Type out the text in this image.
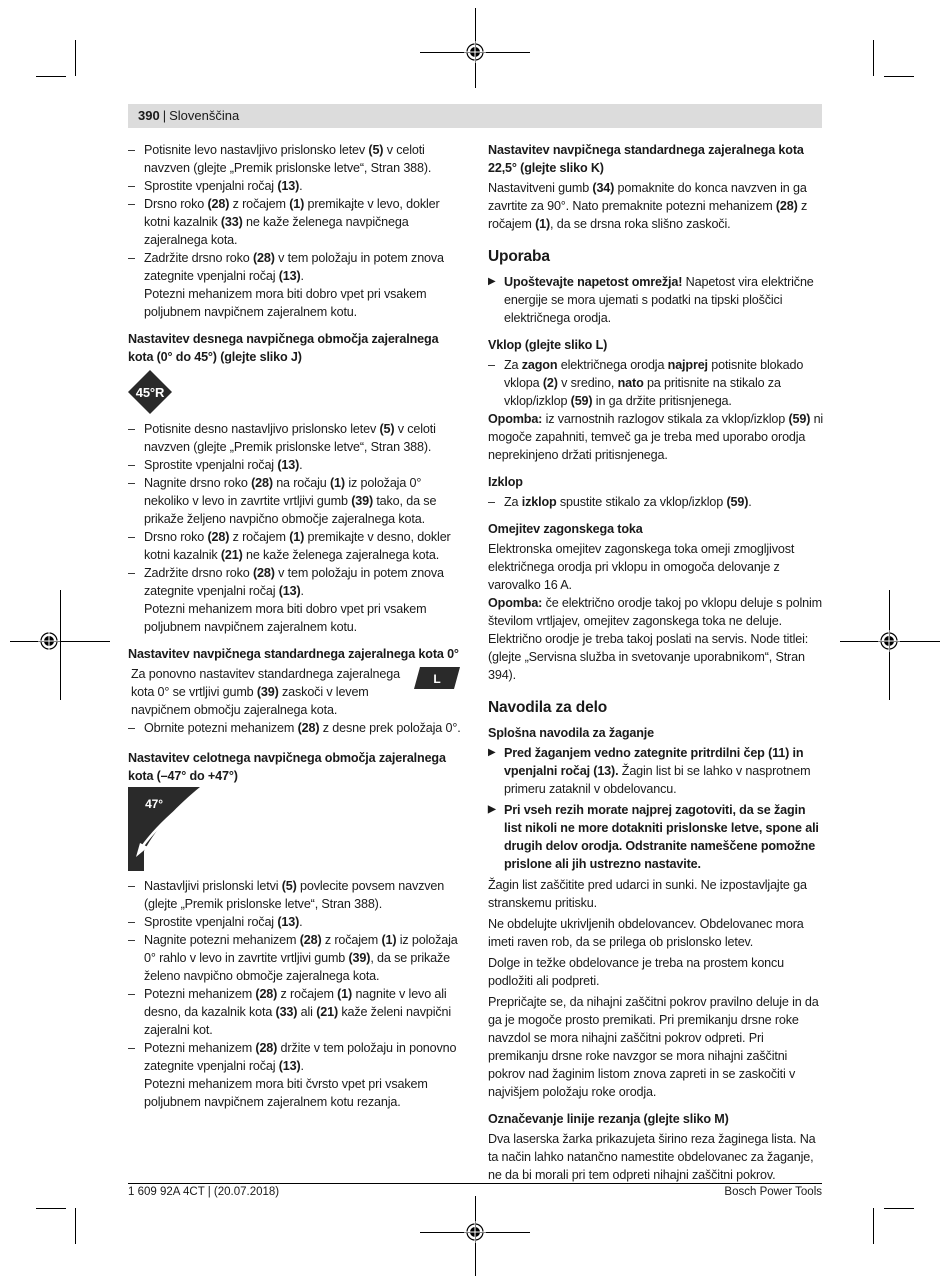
390 | Slovenščina
– Potisnite levo nastavljivo prislonsko letev (5) v celoti navzven (glejte „Premik prislonske letve“, Stran 388).
– Sprostite vpenjalni ročaj (13).
– Drsno roko (28) z ročajem (1) premikajte v levo, dokler kotni kazalnik (33) ne kaže želenega navpičnega zajeralnega kota.
– Zadržite drsno roko (28) v tem položaju in potem znova zategnite vpenjalni ročaj (13).
Potezni mehanizem mora biti dobro vpet pri vsakem poljubnem navpičnem zajeralnem kotu.

Nastavitev desnega navpičnega območja zajeralnega kota (0° do 45°) (glejte sliko J)

45°R
– Potisnite desno nastavljivo prislonsko letev (5) v celoti navzven (glejte „Premik prislonske letve“, Stran 388).
– Sprostite vpenjalni ročaj (13).
– Nagnite drsno roko (28) na ročaju (1) iz položaja 0° nekoliko v levo in zavrtite vrtljivi gumb (39) tako, da se prikaže željeno navpično območje zajeralnega kota.
– Drsno roko (28) z ročajem (1) premikajte v desno, dokler kotni kazalnik (21) ne kaže želenega zajeralnega kota.
– Zadržite drsno roko (28) v tem položaju in potem znova zategnite vpenjalni ročaj (13).
Potezni mehanizem mora biti dobro vpet pri vsakem poljubnem navpičnem zajeralnem kotu.

Nastavitev navpičnega standardnega zajeralnega kota 0°

L

Za ponovno nastavitev standardnega zajeralnega kota 0° se vrtljivi gumb (39) zaskoči v levem navpičnem območju zajeralnega kota.

– Obrnite potezni mehanizem (28) z desne prek položaja 0°.

Nastavitev celotnega navpičnega območja zajeralnega kota (–47° do +47°)

47°
– Nastavljivi prislonski letvi (5) povlecite povsem navzven (glejte „Premik prislonske letve“, Stran 388).
– Sprostite vpenjalni ročaj (13).
– Nagnite potezni mehanizem (28) z ročajem (1) iz položaja 0° rahlo v levo in zavrtite vrtljivi gumb (39), da se prikaže želeno navpično območje zajeralnega kota.
– Potezni mehanizem (28) z ročajem (1) nagnite v levo ali desno, da kazalnik kota (33) ali (21) kaže želeni navpični zajeralni kot.
– Potezni mehanizem (28) držite v tem položaju in ponovno zategnite vpenjalni ročaj (13).
Potezni mehanizem mora biti čvrsto vpet pri vsakem poljubnem navpičnem zajeralnem kotu rezanja.

Nastavitev navpičnega standardnega zajeralnega kota 22,5° (glejte sliko K)

Nastavitveni gumb (34) pomaknite do konca navzven in ga zavrtite za 90°. Nato premaknite potezni mehanizem (28) z ročajem (1), da se drsna roka slišno zaskoči.

Uporaba

▶ Upoštevajte napetost omrežja! Napetost vira električne energije se mora ujemati s podatki na tipski ploščici električnega orodja.

Vklop (glejte sliko L)

– Za zagon električnega orodja najprej potisnite blokado vklopa (2) v sredino, nato pa pritisnite na stikalo za vklop/izklop (59) in ga držite pritisnjenega.

Opomba: iz varnostnih razlogov stikala za vklop/izklop (59) ni mogoče zapahniti, temveč ga je treba med uporabo orodja neprekinjeno držati pritisnjenega.

Izklop

– Za izklop spustite stikalo za vklop/izklop (59).

Omejitev zagonskega toka

Elektronska omejitev zagonskega toka omeji zmogljivost električnega orodja pri vklopu in omogoča delovanje z varovalko 16 A.

Opomba: če električno orodje takoj po vklopu deluje s polnim številom vrtljajev, omejitev zagonskega toka ne deluje. Električno orodje je treba takoj poslati na servis. Node titlei: (glejte „Servisna služba in svetovanje uporabnikom“, Stran 394).

Navodila za delo

Splošna navodila za žaganje

▶ Pred žaganjem vedno zategnite pritrdilni čep (11) in vpenjalni ročaj (13). Žagin list bi se lahko v nasprotnem primeru zataknil v obdelovancu.
▶ Pri vseh rezih morate najprej zagotoviti, da se žagin list nikoli ne more dotakniti prislonske letve, spone ali drugih delov orodja. Odstranite nameščene pomožne prislone ali jih ustrezno nastavite.

Žagin list zaščitite pred udarci in sunki. Ne izpostavljajte ga stranskemu pritisku.

Ne obdelujte ukrivljenih obdelovancev. Obdelovanec mora imeti raven rob, da se prilega ob prislonsko letev.

Dolge in težke obdelovance je treba na prostem koncu podložiti ali podpreti.

Prepričajte se, da nihajni zaščitni pokrov pravilno deluje in da ga je mogoče prosto premikati. Pri premikanju drsne roke navzdol se mora nihajni zaščitni pokrov odpreti. Pri premikanju drsne roke navzgor se mora nihajni zaščitni pokrov nad žaginim listom znova zapreti in se zaskočiti v najvišjem položaju roke orodja.

Označevanje linije rezanja (glejte sliko M)

Dva laserska žarka prikazujeta širino reza žaginega lista. Na ta način lahko natančno namestite obdelovanec za žaganje, ne da bi morali pri tem odpreti nihajni zaščitni pokrov.

1 609 92A 4CT | (20.07.2018)	Bosch Power Tools
